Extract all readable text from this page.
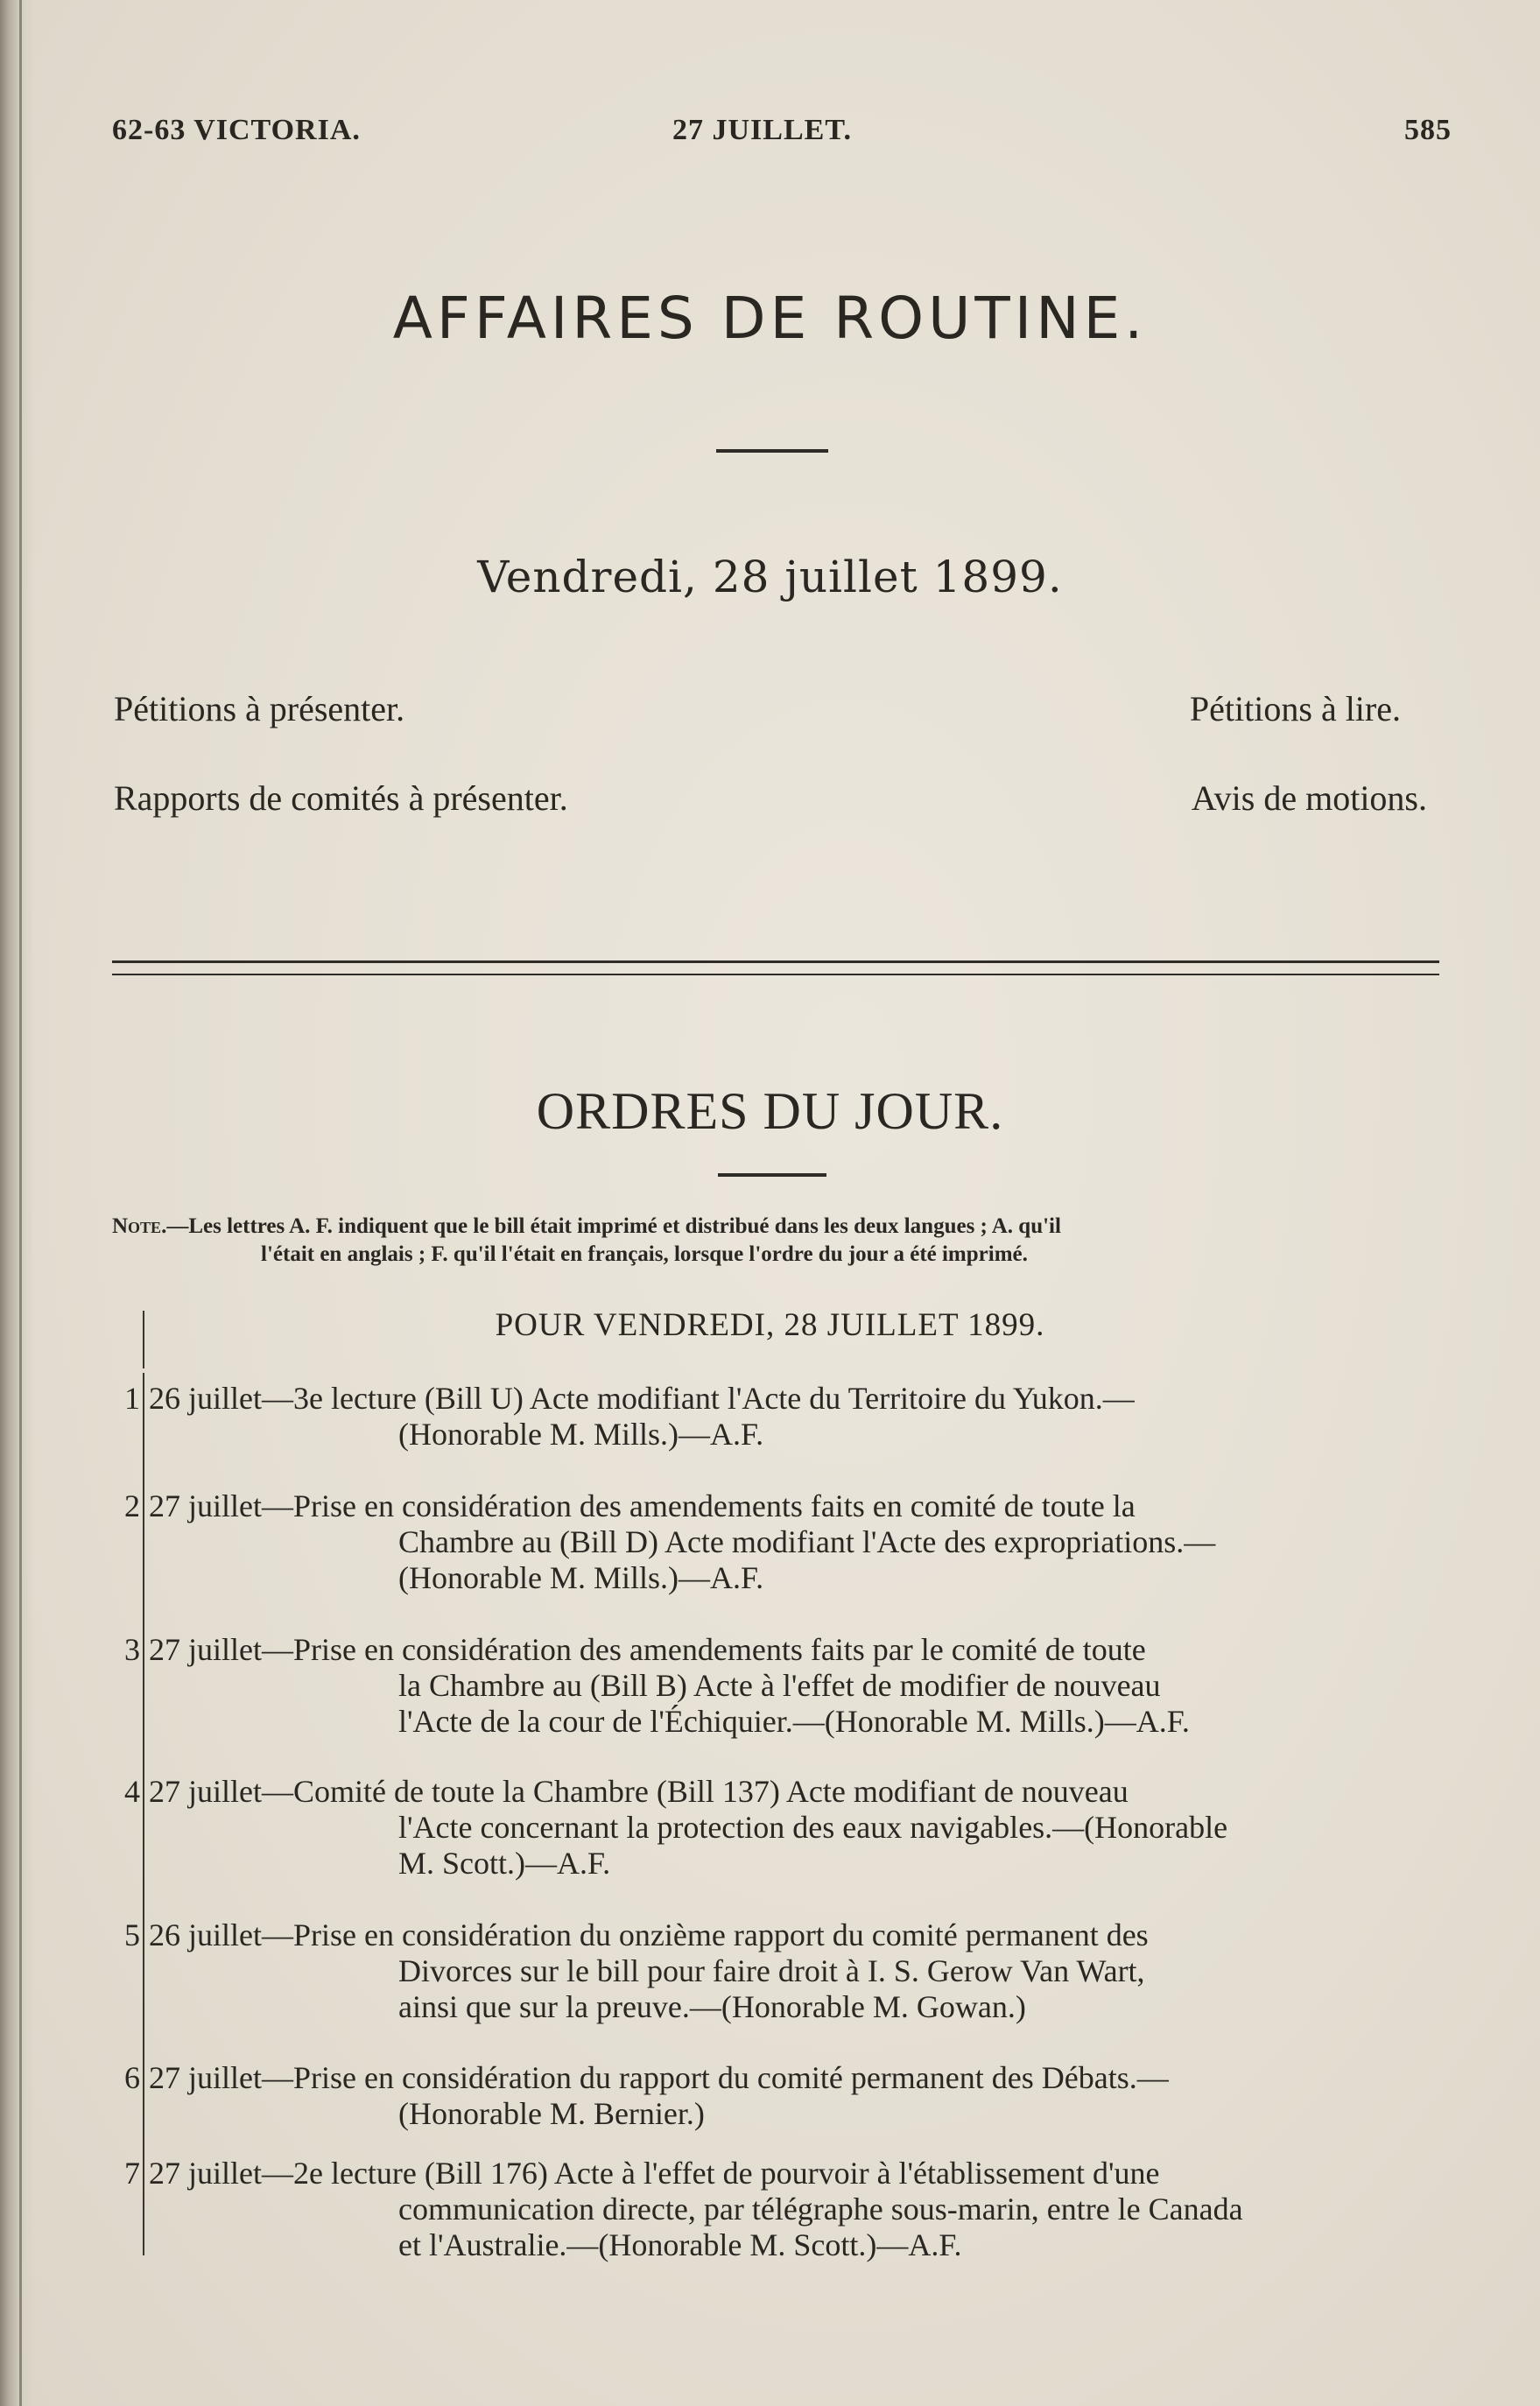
62-63 VICTORIA.	27 JUILLET.	585
AFFAIRES DE ROUTINE.
Vendredi, 28 juillet 1899.
Pétitions à présenter.	Pétitions à lire.
Rapports de comités à présenter.	Avis de motions.
ORDRES DU JOUR.
Note.—Les lettres A. F. indiquent que le bill était imprimé et distribué dans les deux langues ; A. qu'il
l'était en anglais ; F. qu'il l'était en français, lorsque l'ordre du jour a été imprimé.
POUR VENDREDI, 28 JUILLET 1899.
1 26 juillet—3e lecture (Bill U) Acte modifiant l'Acte du Territoire du Yukon.—
(Honorable M. Mills.)—A.F.
2 27 juillet—Prise en considération des amendements faits en comité de toute la
Chambre au (Bill D) Acte modifiant l'Acte des expropriations.—
(Honorable M. Mills.)—A.F.
3 27 juillet—Prise en considération des amendements faits par le comité de toute
la Chambre au (Bill B) Acte à l'effet de modifier de nouveau
l'Acte de la cour de l'Échiquier.—(Honorable M. Mills.)—A.F.
4 27 juillet—Comité de toute la Chambre (Bill 137) Acte modifiant de nouveau
l'Acte concernant la protection des eaux navigables.—(Honorable
M. Scott.)—A.F.
5 26 juillet—Prise en considération du onzième rapport du comité permanent des
Divorces sur le bill pour faire droit à I. S. Gerow Van Wart,
ainsi que sur la preuve.—(Honorable M. Gowan.)
6 27 juillet—Prise en considération du rapport du comité permanent des Débats.—
(Honorable M. Bernier.)
7 27 juillet—2e lecture (Bill 176) Acte à l'effet de pourvoir à l'établissement d'une
communication directe, par télégraphe sous-marin, entre le Canada
et l'Australie.—(Honorable M. Scott.)—A.F.
